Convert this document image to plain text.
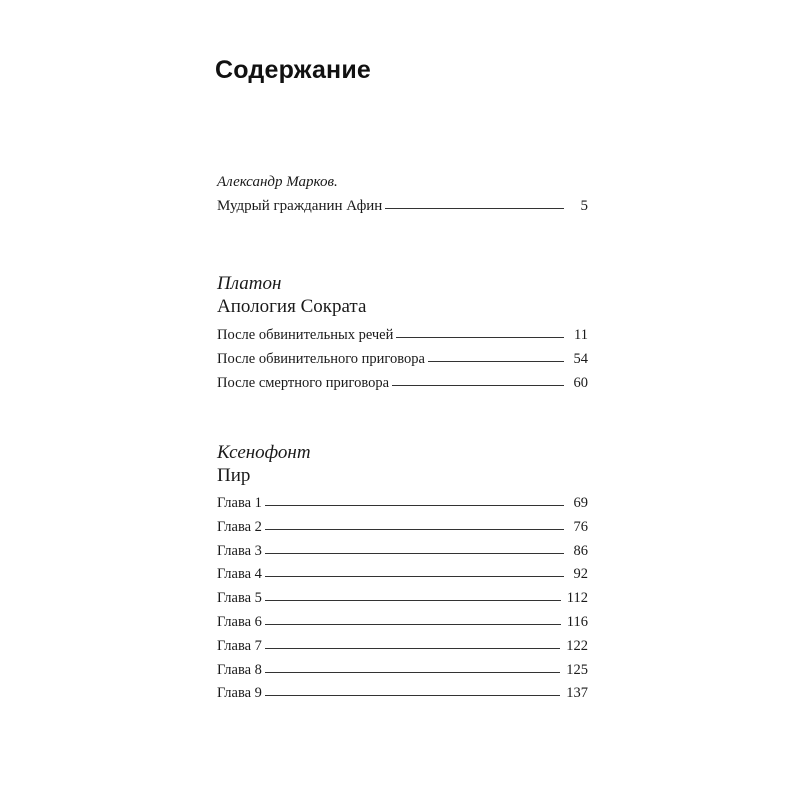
Содержание

Александр Марков.

Мудрый гражданин Афин	5

Платон

Апология Сократа

После обвинительных речей	11
После обвинительного приговора	54
После смертного приговора	60

Ксенофонт

Пир

Глава 1	69
Глава 2	76
Глава 3	86
Глава 4	92
Глава 5	112
Глава 6	116
Глава 7	122
Глава 8	125
Глава 9	137
